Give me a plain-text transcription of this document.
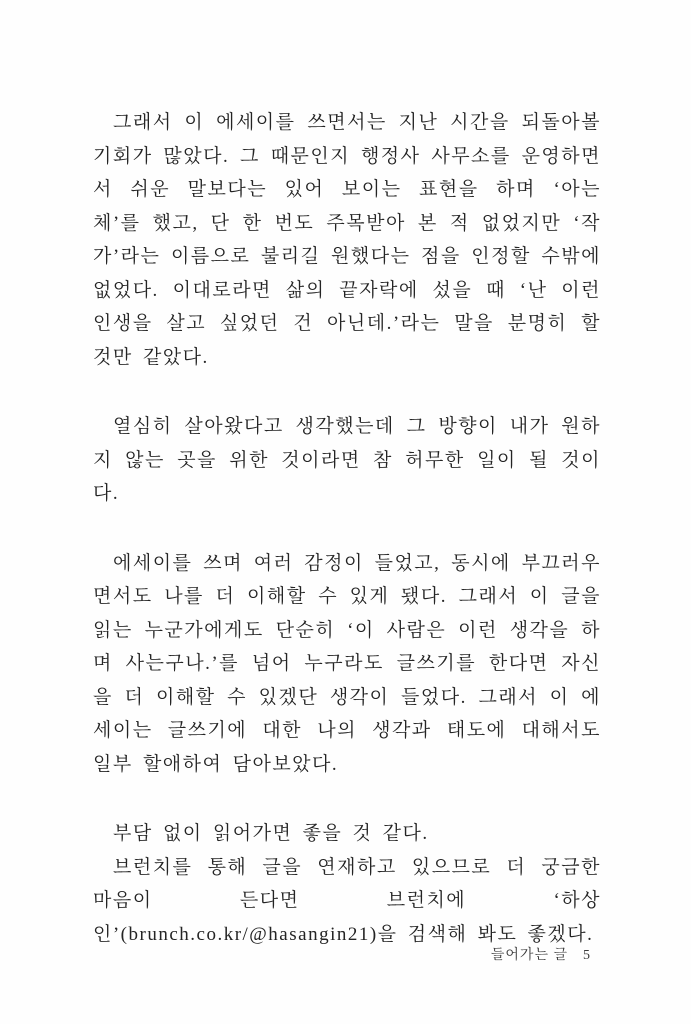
그래서 이 에세이를 쓰면서는 지난 시간을 되돌아볼 기회가 많았다. 그 때문인지 행정사 사무소를 운영하면서 쉬운 말보다는 있어 보이는 표현을 하며 ‘아는 체’를 했고, 단 한 번도 주목받아 본 적 없었지만 ‘작가’라는 이름으로 불리길 원했다는 점을 인정할 수밖에 없었다. 이대로라면 삶의 끝자락에 섰을 때 ‘난 이런 인생을 살고 싶었던 건 아닌데.’라는 말을 분명히 할 것만 같았다.

열심히 살아왔다고 생각했는데 그 방향이 내가 원하지 않는 곳을 위한 것이라면 참 허무한 일이 될 것이다.

에세이를 쓰며 여러 감정이 들었고, 동시에 부끄러우면서도 나를 더 이해할 수 있게 됐다. 그래서 이 글을 읽는 누군가에게도 단순히 ‘이 사람은 이런 생각을 하며 사는구나.’를 넘어 누구라도 글쓰기를 한다면 자신을 더 이해할 수 있겠단 생각이 들었다. 그래서 이 에세이는 글쓰기에 대한 나의 생각과 태도에 대해서도 일부 할애하여 담아보았다.

부담 없이 읽어가면 좋을 것 같다.

브런치를 통해 글을 연재하고 있으므로 더 궁금한 마음이 든다면 브런치에 ‘하상인’(brunch.co.kr/@hasangin21)을 검색해 봐도 좋겠다.

들어가는 글 5
